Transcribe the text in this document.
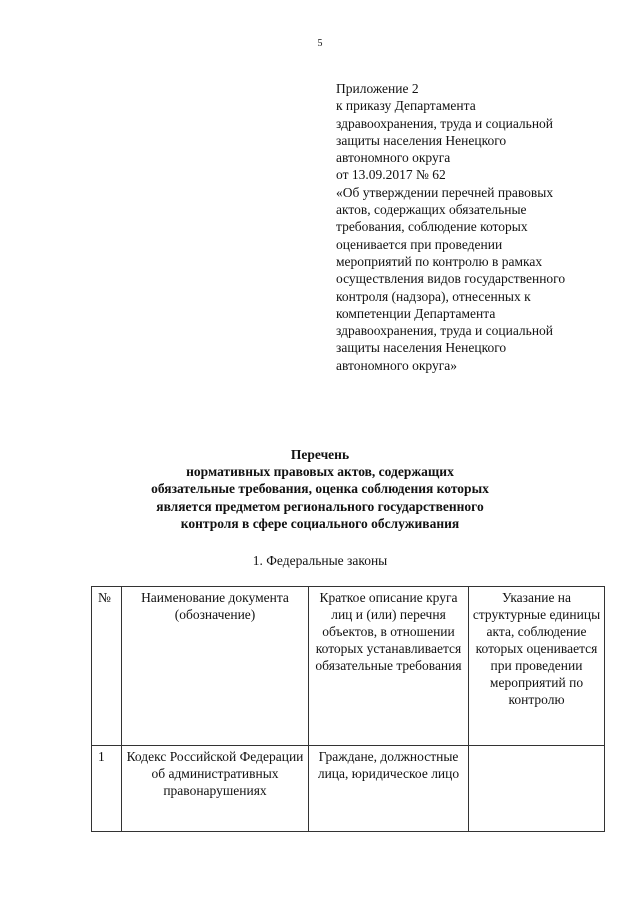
5
Приложение 2
к приказу Департамента
здравоохранения, труда и социальной
защиты населения Ненецкого
автономного округа
от 13.09.2017 № 62
«Об утверждении перечней правовых
актов, содержащих обязательные
требования, соблюдение которых
оценивается при проведении
мероприятий по контролю в рамках
осуществления видов государственного
контроля (надзора), отнесенных к
компетенции Департамента
здравоохранения, труда и социальной
защиты населения Ненецкого
автономного округа»
Перечень
нормативных правовых актов, содержащих
обязательные требования, оценка соблюдения которых
является предметом регионального государственного
контроля в сфере социального обслуживания
1. Федеральные законы
№	Наименование документа (обозначение)	Краткое описание круга лиц и (или) перечня объектов, в отношении которых устанавливается обязательные требования	Указание на структурные единицы акта, соблюдение которых оценивается при проведении мероприятий по контролю
1	Кодекс Российской Федерации об административных правонарушениях	Граждане, должностные лица, юридическое лицо	
